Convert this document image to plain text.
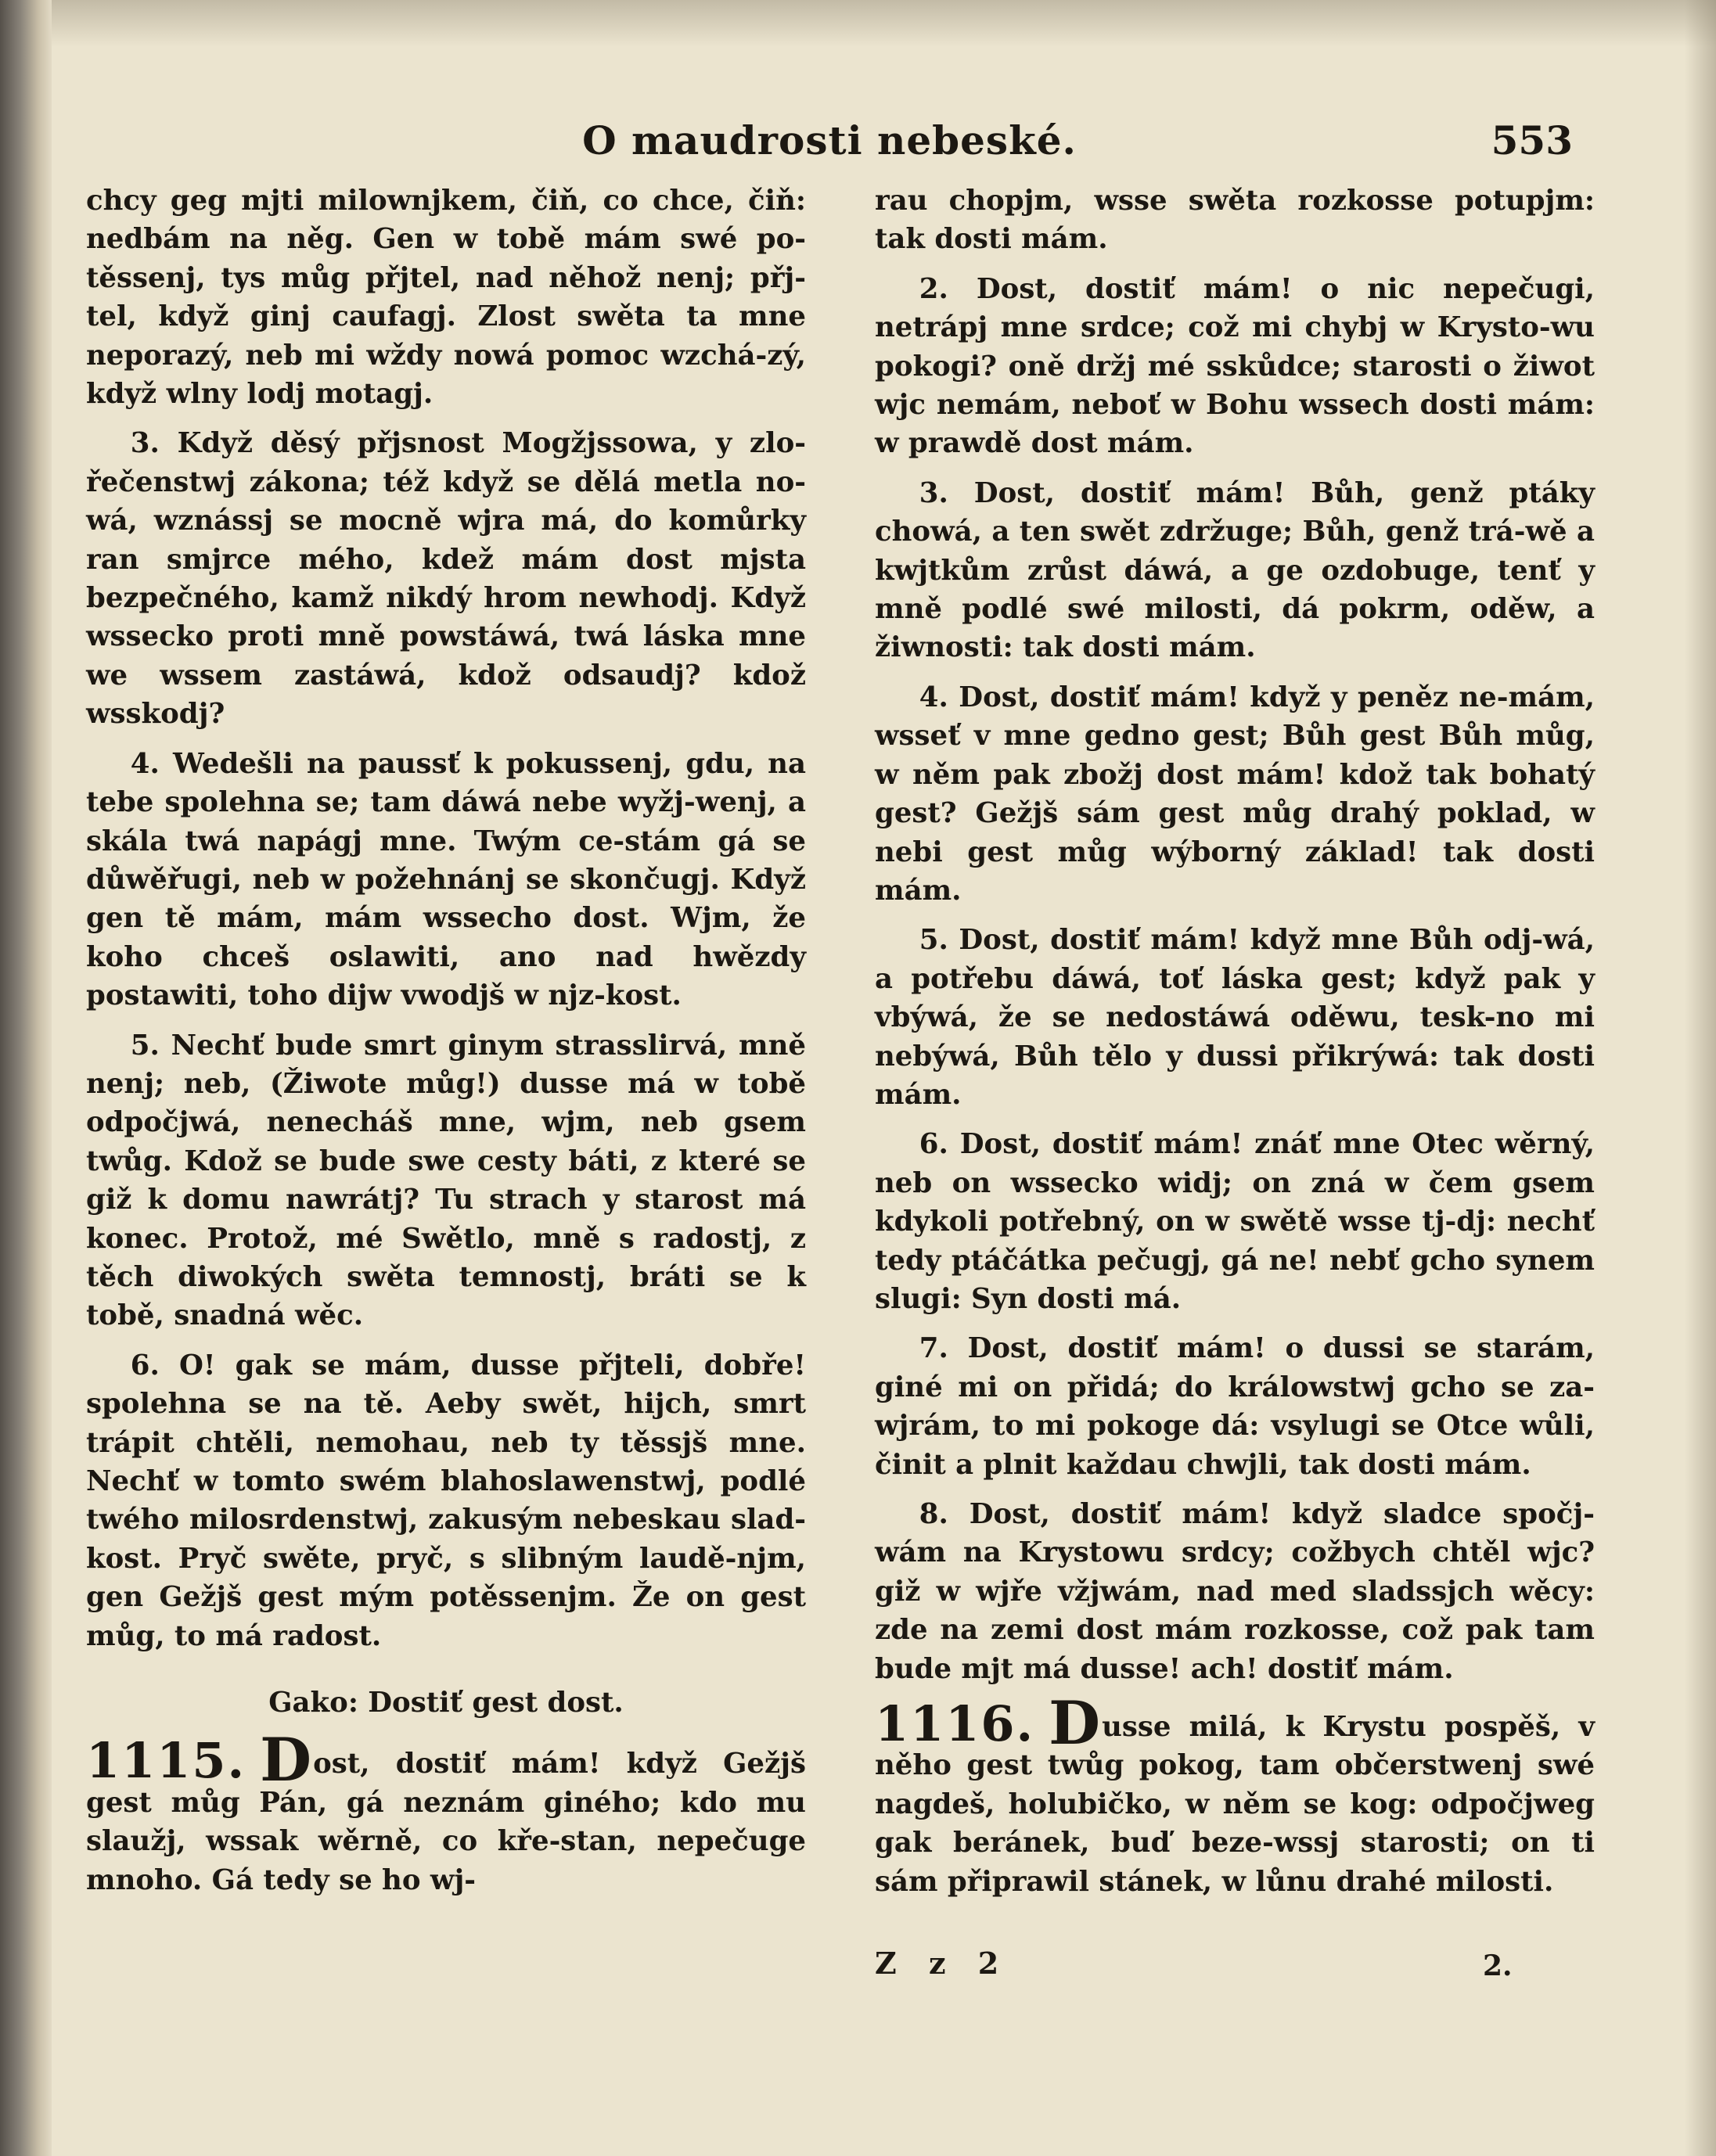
O maudrosti nebeské.	553

chcy geg mjti milownjkem, čiň, co chce, čiň: nedbám na něg. Gen w tobě mám swé po-těssenj, tys můg přjtel, nad něhož nenj; přj-tel, když ginj caufagj. Zlost swěta ta mne neporazý, neb mi wždy nowá pomoc wzchá-zý, když wlny lodj motagj.

3. Když děsý přjsnost Mogžjssowa, y zlo-řečenstwj zákona; též když se dělá metla no-wá, wznássj se mocně wjra má, do komůrky ran smjrce mého, kdež mám dost mjsta bezpečného, kamž nikdý hrom newhodj. Když wssecko proti mně powstáwá, twá láska mne we wssem zastáwá, kdož odsaudj? kdož wsskodj?

4. Wedešli na paussť k pokussenj, gdu, na tebe spolehna se; tam dáwá nebe wyžj-wenj, a skála twá napágj mne. Twým ce-stám gá se důwěřugi, neb w požehnánj se skončugj. Když gen tě mám, mám wssecho dost. Wjm, že koho chceš oslawiti, ano nad hwězdy postawiti, toho dijw vwodjš w njz-kost.

5. Nechť bude smrt ginym strasslirvá, mně nenj; neb, (Žiwote můg!) dusse má w tobě odpočjwá, nenecháš mne, wjm, neb gsem twůg. Kdož se bude swe cesty báti, z které se giž k domu nawrátj? Tu strach y starost má konec. Protož, mé Swětlo, mně s radostj, z těch diwokých swěta temnostj, bráti se k tobě, snadná wěc.

6. O! gak se mám, dusse přjteli, dobře! spolehna se na tě. Aeby swět, hijch, smrt trápit chtěli, nemohau, neb ty těssjš mne. Nechť w tomto swém blahoslawenstwj, podlé twého milosrdenstwj, zakusým nebeskau slad-kost. Pryč swěte, pryč, s slibným laudě-njm, gen Gežjš gest mým potěssenjm. Že on gest můg, to má radost.

Gako: Dostiť gest dost.

1115. Dost, dostiť mám! když Gežjš gest můg Pán, gá neznám giného; kdo mu slaužj, wssak wěrně, co kře-stan, nepečuge mnoho. Gá tedy se ho wj-

rau chopjm, wsse swěta rozkosse potupjm: tak dosti mám.

2. Dost, dostiť mám! o nic nepečugi, netrápj mne srdce; což mi chybj w Krysto-wu pokogi? oně držj mé sskůdce; starosti o žiwot wjc nemám, neboť w Bohu wssech dosti mám: w prawdě dost mám.

3. Dost, dostiť mám! Bůh, genž ptáky chowá, a ten swět zdržuge; Bůh, genž trá-wě a kwjtkům zrůst dáwá, a ge ozdobuge, tenť y mně podlé swé milosti, dá pokrm, oděw, a žiwnosti: tak dosti mám.

4. Dost, dostiť mám! když y peněz ne-mám, wsseť v mne gedno gest; Bůh gest Bůh můg, w něm pak zbožj dost mám! kdož tak bohatý gest? Gežjš sám gest můg drahý poklad, w nebi gest můg wýborný základ! tak dosti mám.

5. Dost, dostiť mám! když mne Bůh odj-wá, a potřebu dáwá, toť láska gest; když pak y vbýwá, že se nedostáwá oděwu, tesk-no mi nebýwá, Bůh tělo y dussi přikrýwá: tak dosti mám.

6. Dost, dostiť mám! znáť mne Otec wěrný, neb on wssecko widj; on zná w čem gsem kdykoli potřebný, on w swětě wsse tj-dj: nechť tedy ptáčátka pečugj, gá ne! nebť gcho synem slugi: Syn dosti má.

7. Dost, dostiť mám! o dussi se starám, giné mi on přidá; do králowstwj gcho se za-wjrám, to mi pokoge dá: vsylugi se Otce wůli, činit a plnit každau chwjli, tak dosti mám.

8. Dost, dostiť mám! když sladce spočj-wám na Krystowu srdcy; cožbych chtěl wjc? giž w wjře vžjwám, nad med sladssjch wěcy: zde na zemi dost mám rozkosse, což pak tam bude mjt má dusse! ach! dostiť mám.

1116. Dusse milá, k Krystu pospěš, v něho gest twůg pokog, tam občerstwenj swé nagdeš, holubičko, w něm se kog: odpočjweg gak beránek, buď beze-wssj starosti; on ti sám připrawil stánek, w lůnu drahé milosti.

Z z 2	2.
